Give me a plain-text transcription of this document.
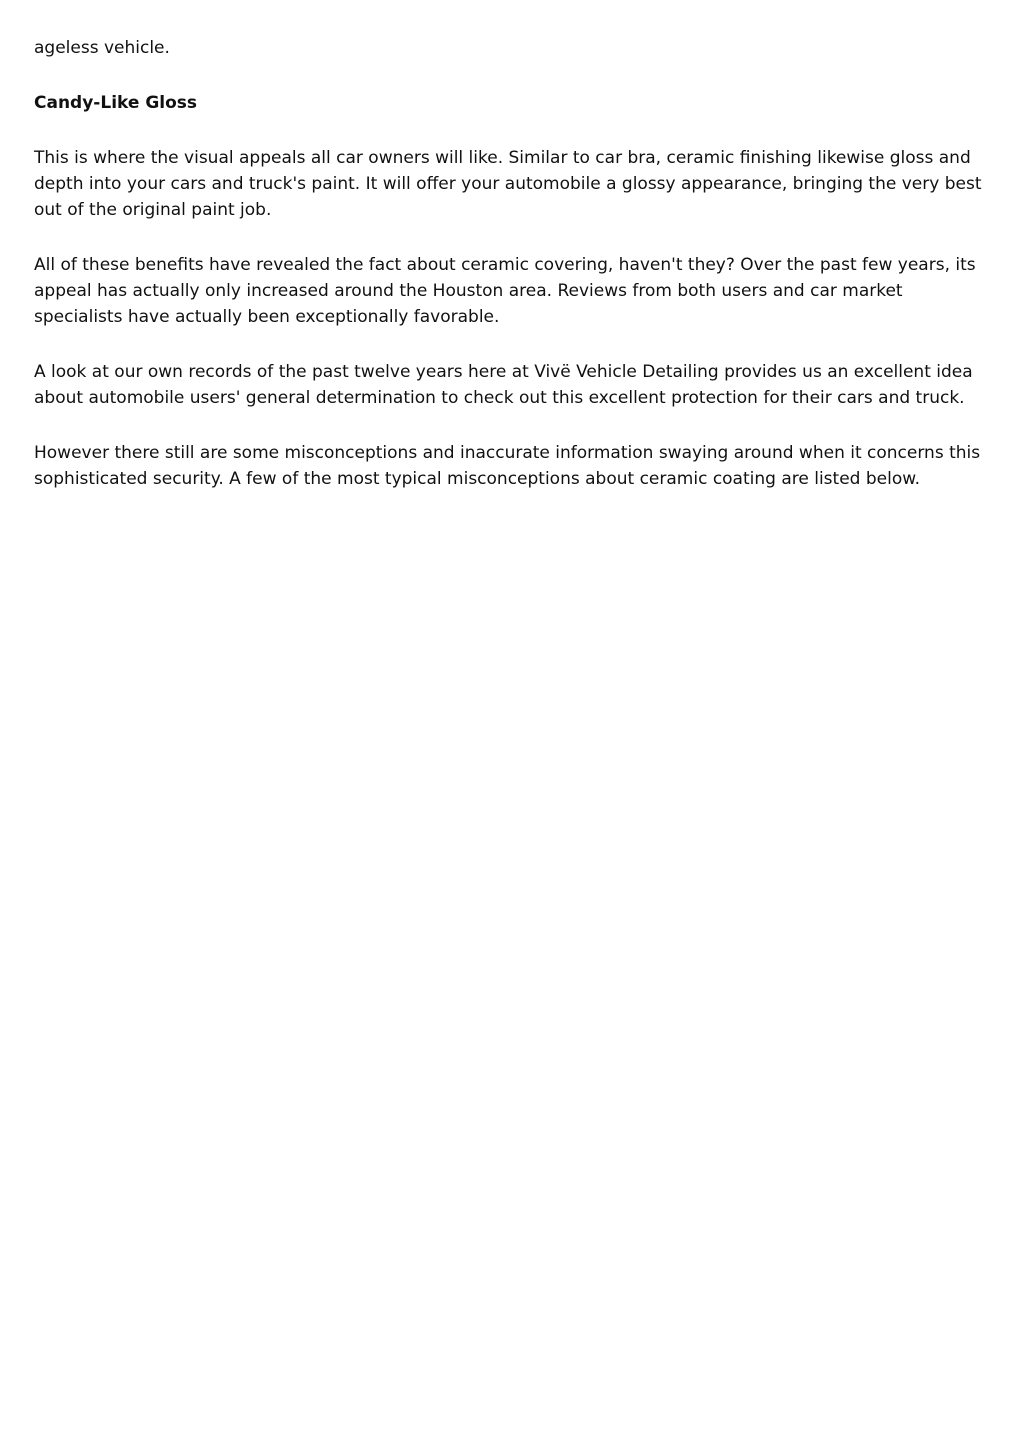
ageless vehicle.

Candy-Like Gloss

This is where the visual appeals all car owners will like. Similar to car bra, ceramic finishing likewise gloss and depth into your cars and truck's paint. It will offer your automobile a glossy appearance, bringing the very best out of the original paint job.

All of these benefits have revealed the fact about ceramic covering, haven't they? Over the past few years, its appeal has actually only increased around the Houston area. Reviews from both users and car market specialists have actually been exceptionally favorable.

A look at our own records of the past twelve years here at Vivë Vehicle Detailing provides us an excellent idea about automobile users' general determination to check out this excellent protection for their cars and truck.

However there still are some misconceptions and inaccurate information swaying around when it concerns this sophisticated security. A few of the most typical misconceptions about ceramic coating are listed below.
